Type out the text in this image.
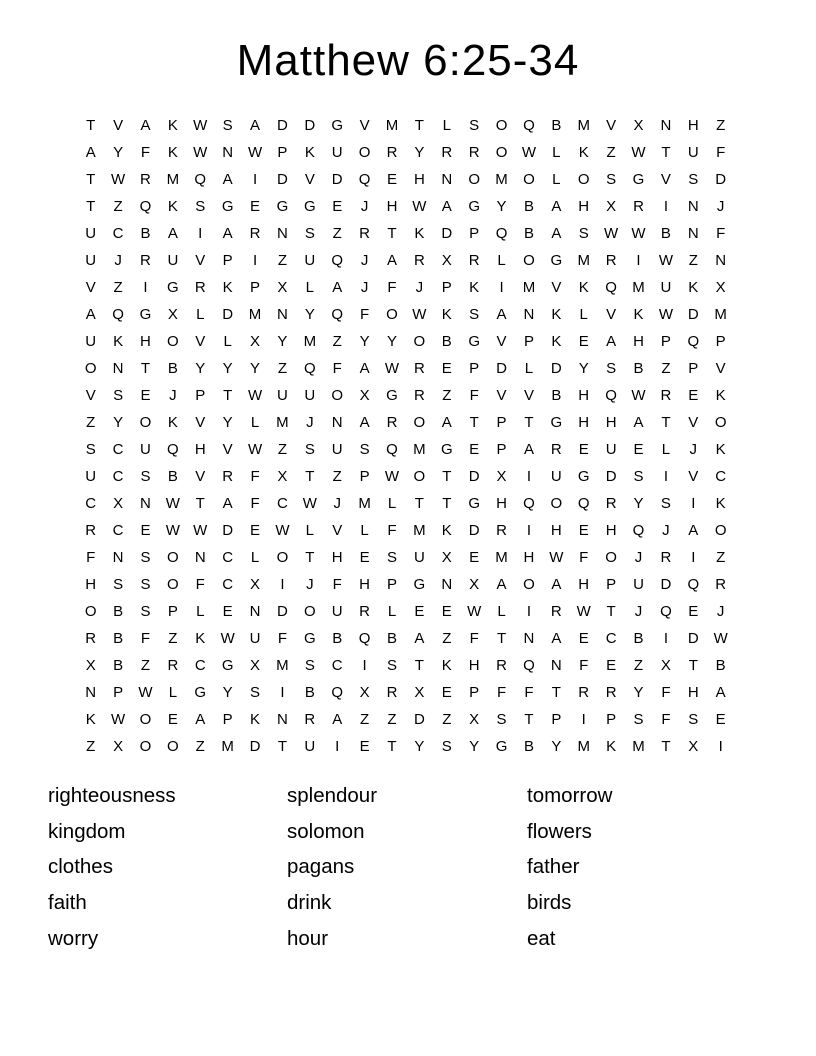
Matthew 6:25-34
T	V	A	K	W	S	A	D	D	G	V	M	T	L	S	O	Q	B	M	V	X	N	H	Z
A	Y	F	K	W N W	P	K	U	O	R	Y	R	R	O W	L	K	Z	W	T	U	F
T	W R	M	Q	A	I	D	V	D	Q	E	H	N	O	M	O	L	O	S	G	V	S	D
T	Z	Q	K	S	G	E	G	G	E	J	H W	A	G	Y	B	A	H	X	R	I	N	J
U	C	B	A	I	A	R	N	S	Z	R	T	K	D	P	Q	B	A	S	W W	B	N	F
U	J	R	U	V	P	I	Z	U	Q	J	A	R	X	R	L	O	G	M	R	I	W	Z	N
V	Z	I	G	R	K	P	X	L	A	J	F	J	P	K	I	M	V	K	Q	M	U	K	X
A	Q	G	X	L	D	M	N	Y	Q	F	O W	K	S	A	N	K	L	V	K	W D	M
U	K	H	O	V	L	X	Y	M	Z	Y	Y	O	B	G	V	P	K	E	A	H	P	Q	P
O	N	T	B	Y	Y	Y	Z	Q	F	A	W R	E	P	D	L	D	Y	S	B	Z	P	V
V	S	E	J	P	T	W U	U	O	X	G	R	Z	F	V	V	B	H	Q W R	E	K
Z	Y	O	K	V	Y	L	M	J	N	A	R	O	A	T	P	T	G	H	H	A	T	V	O
S	C	U	Q	H	V	W	Z	S	U	S	Q	M	G	E	P	A	R	E	U	E	L	J	K
U	C	S	B	V	R	F	X	T	Z	P	W O	T	D	X	I	U	G	D	S	I	V	C
C	X	N W	T	A	F	C W	J	M	L	T	T	G	H	Q	O	Q	R	Y	S	I	K
R	C	E	W W D	E	W	L	V	L	F	M	K	D	R	I	H	E	H	Q	J	A	O
F	N	S	O	N	C	L	O	T	H	E	S	U	X	E	M	H W	F	O	J	R	I	Z
H	S	S	O	F	C	X	I	J	F	H	P	G	N	X	A	O	A	H	P	U	D	Q	R
O	B	S	P	L	E	N	D	O	U	R	L	E	E	W	L	I	R W	T	J	Q	E	J
R	B	F	Z	K	W U	F	G	B	Q	B	A	Z	F	T	N	A	E	C	B	I	D W
X	B	Z	R	C	G	X	M	S	C	I	S	T	K	H	R	Q	N	F	E	Z	X	T	B
N	P	W	L	G	Y	S	I	B	Q	X	R	X	E	P	F	F	T	R	R	Y	F	H	A
K	W O	E	A	P	K	N	R	A	Z	Z	D	Z	X	S	T	P	I	P	S	F	S	E
Z	X	O	O	Z	M	D	T	U	I	E	T	Y	S	Y	G	B	Y	M	K	M	T	X	I
righteousness
kingdom
clothes
faith
worry
splendour
solomon
pagans
drink
hour
tomorrow
flowers
father
birds
eat
